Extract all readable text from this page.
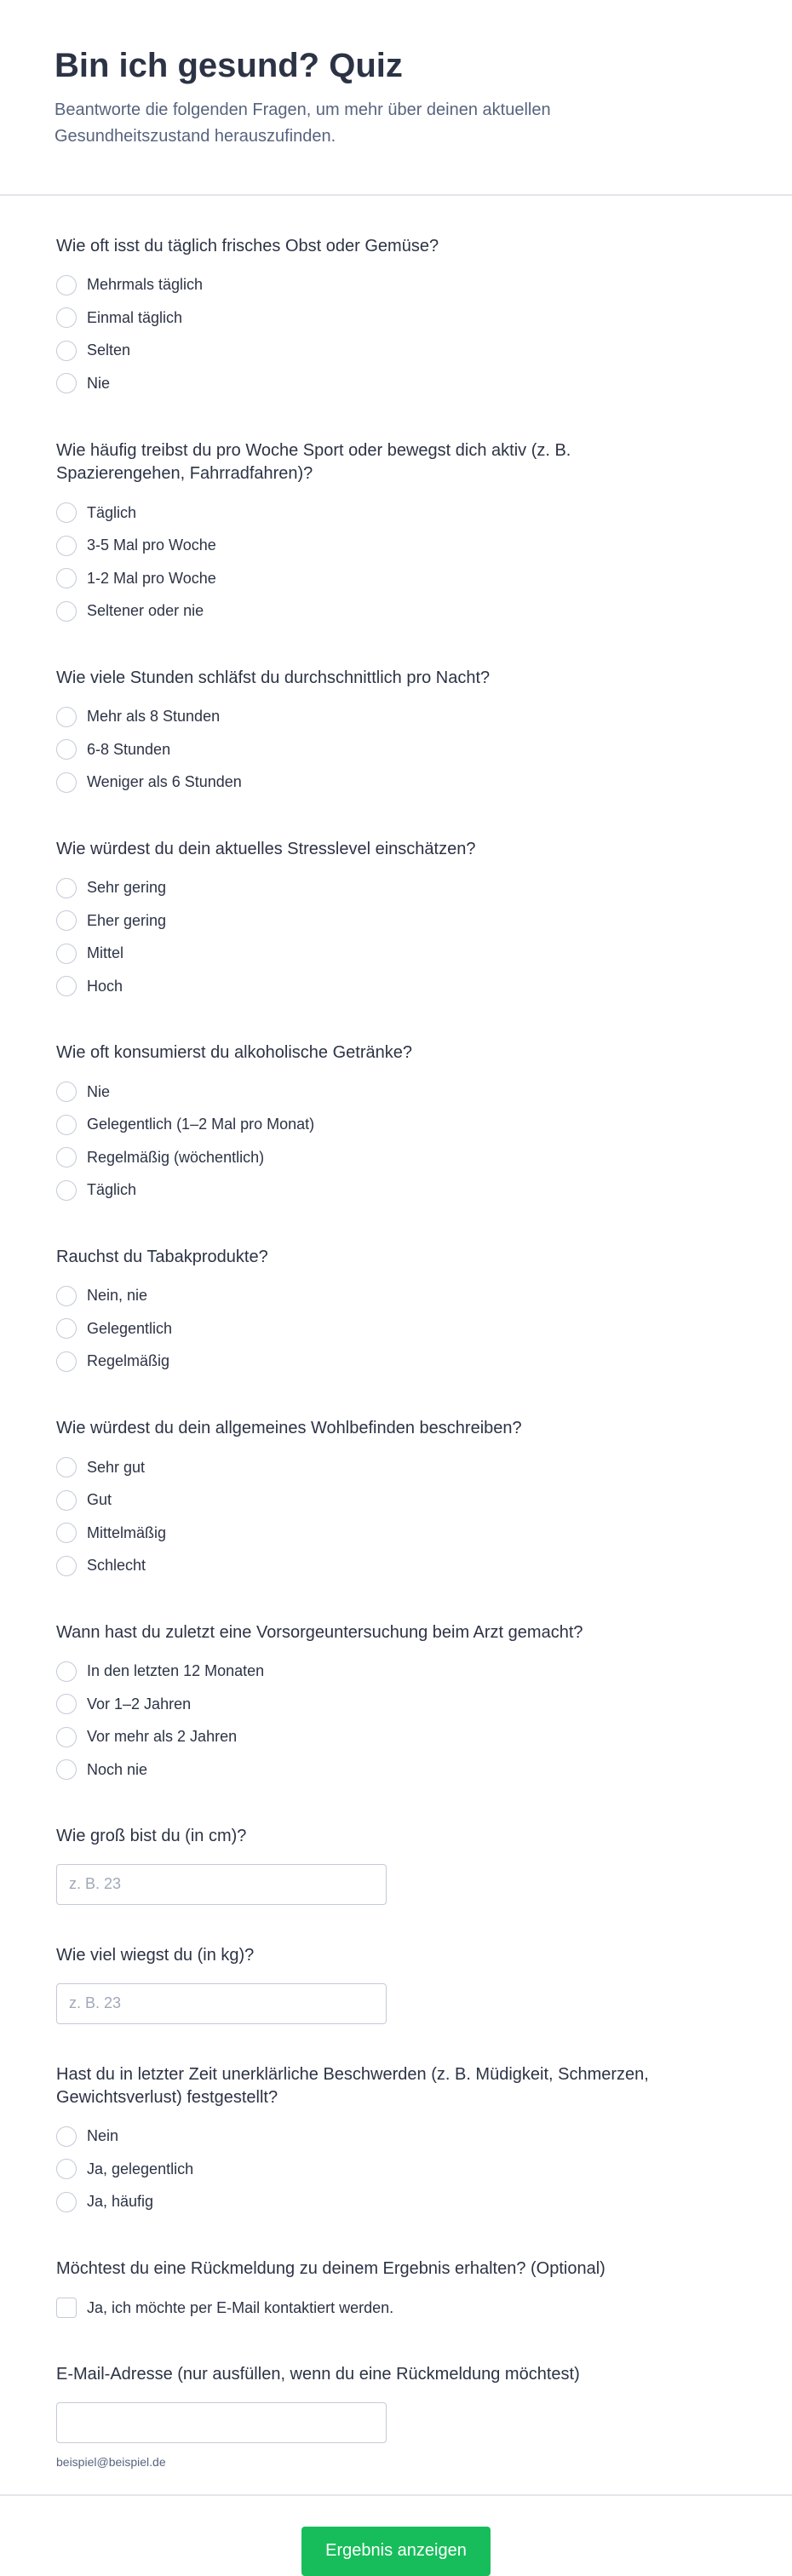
Bin ich gesund? Quiz

Beantworte die folgenden Fragen, um mehr über deinen aktuellen Gesundheitszustand herauszufinden.

Wie oft isst du täglich frisches Obst oder Gemüse?
Mehrmals täglich
Einmal täglich
Selten
Nie
Wie häufig treibst du pro Woche Sport oder bewegst dich aktiv (z. B. Spazierengehen, Fahrradfahren)?
Täglich
3-5 Mal pro Woche
1-2 Mal pro Woche
Seltener oder nie
Wie viele Stunden schläfst du durchschnittlich pro Nacht?
Mehr als 8 Stunden
6-8 Stunden
Weniger als 6 Stunden
Wie würdest du dein aktuelles Stresslevel einschätzen?
Sehr gering
Eher gering
Mittel
Hoch
Wie oft konsumierst du alkoholische Getränke?
Nie
Gelegentlich (1–2 Mal pro Monat)
Regelmäßig (wöchentlich)
Täglich
Rauchst du Tabakprodukte?
Nein, nie
Gelegentlich
Regelmäßig
Wie würdest du dein allgemeines Wohlbefinden beschreiben?
Sehr gut
Gut
Mittelmäßig
Schlecht
Wann hast du zuletzt eine Vorsorgeuntersuchung beim Arzt gemacht?
In den letzten 12 Monaten
Vor 1–2 Jahren
Vor mehr als 2 Jahren
Noch nie
Wie groß bist du (in cm)?
z. B. 23
Wie viel wiegst du (in kg)?
z. B. 23
Hast du in letzter Zeit unerklärliche Beschwerden (z. B. Müdigkeit, Schmerzen, Gewichtsverlust) festgestellt?
Nein
Ja, gelegentlich
Ja, häufig
Möchtest du eine Rückmeldung zu deinem Ergebnis erhalten? (Optional)
Ja, ich möchte per E-Mail kontaktiert werden.
E-Mail-Adresse (nur ausfüllen, wenn du eine Rückmeldung möchtest)
beispiel@beispiel.de
Ergebnis anzeigen
